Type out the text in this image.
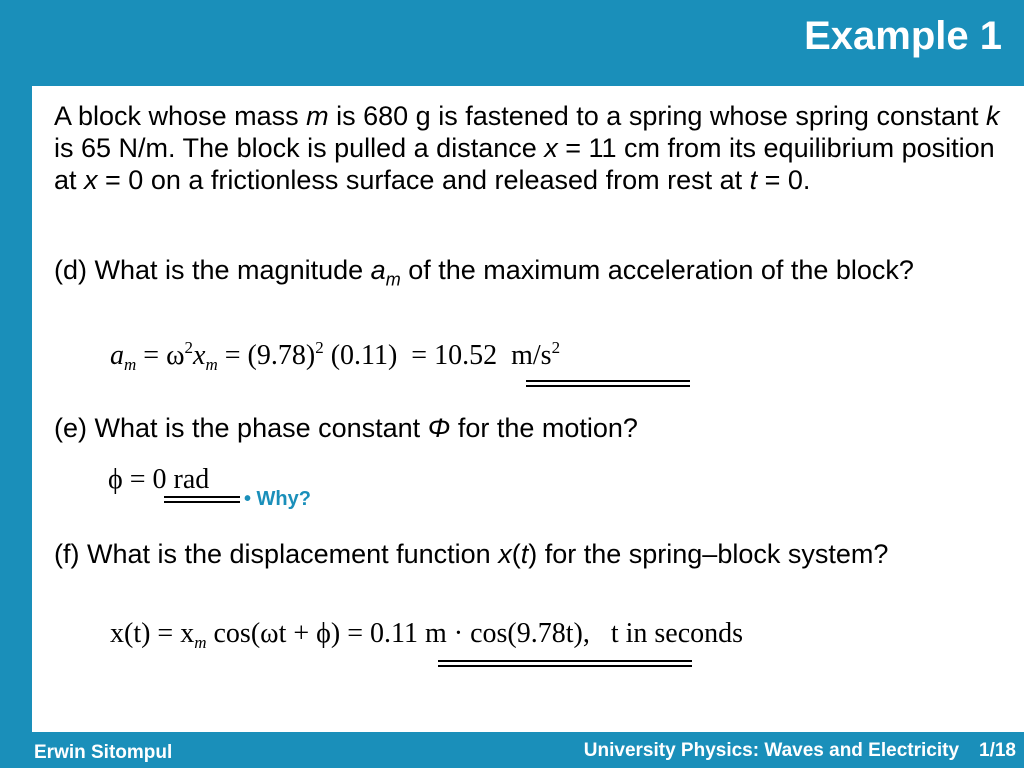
Example 1
A block whose mass m is 680 g is fastened to a spring whose spring constant k is 65 N/m. The block is pulled a distance x = 11 cm from its equilibrium position at x = 0 on a frictionless surface and released from rest at t = 0.
(d) What is the magnitude $a_m$ of the maximum acceleration of the block?
$a_m = \omega^2x_m = (9.78)^2$ (0.11) = 10.52 $m/s^2$
(e) What is the phase constant Φ for the motion?
ϕ = 0 rad
(f) What is the displacement function x(t) for the spring–block system?
$x(t) = x_m$ cos(ωt + ϕ) = 0.11 m · cos(9.78t), t in seconds
• Why?
Erwin Sitompul	University Physics: Waves and Electricity 1/18
